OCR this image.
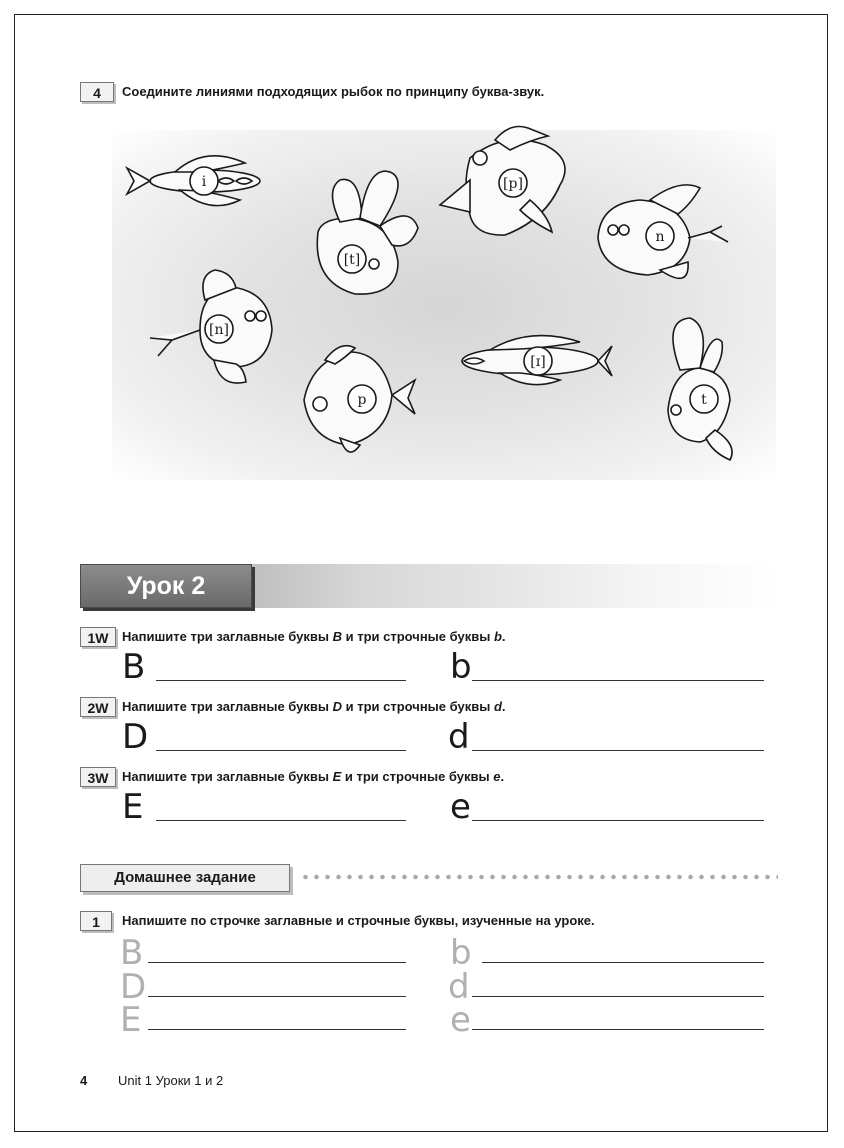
4	Соедините линиями подходящих рыбок по принципу буква-звук.
i
[t]
[p]
n
[n]
p
[ɪ]
t
Урок 2
1W	Напишите три заглавные буквы B и три строчные буквы b.
B	b
2W	Напишите три заглавные буквы D и три строчные буквы d.
D	d
3W	Напишите три заглавные буквы E и три строчные буквы e.
E	e
Домашнее задание
1	Напишите по строчке заглавные и строчные буквы, изученные на уроке.
B	b
D	d
E	e
4 Unit 1 Уроки 1 и 2
